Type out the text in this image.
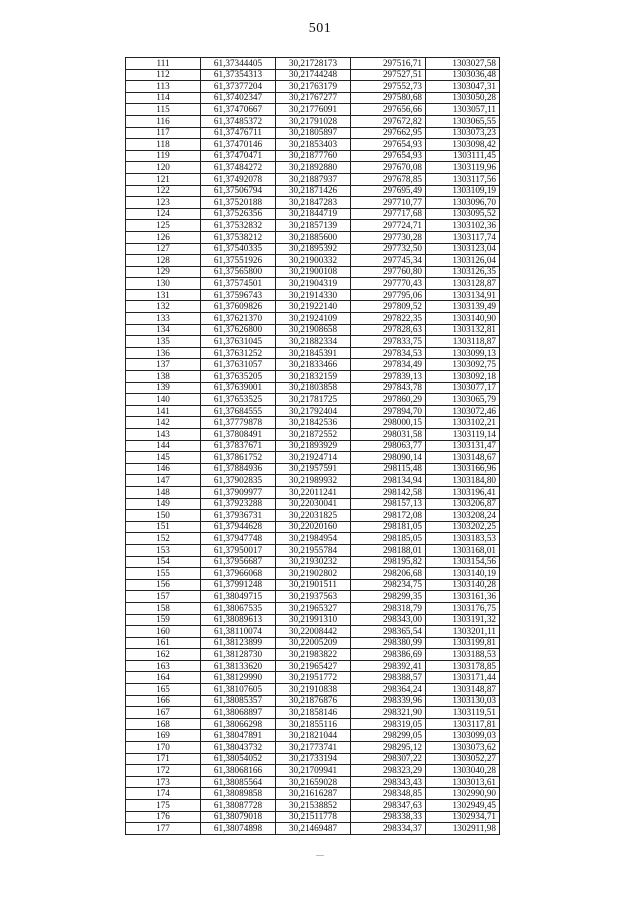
501
111	61,37344405	30,21728173	297516,71	1303027,58
112	61,37354313	30,21744248	297527,51	1303036,48
113	61,37377204	30,21763179	297552,73	1303047,31
114	61,37402347	30,21767277	297580,68	1303050,28
115	61,37470667	30,21776091	297656,66	1303057,11
116	61,37485372	30,21791028	297672,82	1303065,55
117	61,37476711	30,21805897	297662,95	1303073,23
118	61,37470146	30,21853403	297654,93	1303098,42
119	61,37470471	30,21877760	297654,93	1303111,45
120	61,37484272	30,21892880	297670,08	1303119,96
121	61,37492078	30,21887937	297678,85	1303117,56
122	61,37506794	30,21871426	297695,49	1303109,19
123	61,37520188	30,21847283	297710,77	1303096,70
124	61,37526356	30,21844719	297717,68	1303095,52
125	61,37532832	30,21857139	297724,71	1303102,36
126	61,37538212	30,21885600	297730,28	1303117,74
127	61,37540335	30,21895392	297732,50	1303123,04
128	61,37551926	30,21900332	297745,34	1303126,04
129	61,37565800	30,21900108	297760,80	1303126,35
130	61,37574501	30,21904319	297770,43	1303128,87
131	61,37596743	30,21914330	297795,06	1303134,91
132	61,37609826	30,21922140	297809,52	1303139,49
133	61,37621370	30,21924109	297822,35	1303140,90
134	61,37626800	30,21908658	297828,63	1303132,81
135	61,37631045	30,21882334	297833,75	1303118,87
136	61,37631252	30,21845391	297834,53	1303099,13
137	61,37631057	30,21833466	297834,49	1303092,75
138	61,37635205	30,21832159	297839,13	1303092,18
139	61,37639001	30,21803858	297843,78	1303077,17
140	61,37653525	30,21781725	297860,29	1303065,79
141	61,37684555	30,21792404	297894,70	1303072,46
142	61,37779878	30,21842536	298000,15	1303102,21
143	61,37808491	30,21872552	298031,58	1303119,14
144	61,37837671	30,21893929	298063,77	1303131,47
145	61,37861752	30,21924714	298090,14	1303148,67
146	61,37884936	30,21957591	298115,48	1303166,96
147	61,37902835	30,21989932	298134,94	1303184,80
148	61,37909977	30,22011241	298142,58	1303196,41
149	61,37923288	30,22030041	298157,13	1303206,87
150	61,37936731	30,22031825	298172,08	1303208,24
151	61,37944628	30,22020160	298181,05	1303202,25
152	61,37947748	30,21984954	298185,05	1303183,53
153	61,37950017	30,21955784	298188,01	1303168,01
154	61,37956687	30,21930232	298195,82	1303154,56
155	61,37966068	30,21902802	298206,68	1303140,19
156	61,37991248	30,21901511	298234,75	1303140,28
157	61,38049715	30,21937563	298299,35	1303161,36
158	61,38067535	30,21965327	298318,79	1303176,75
159	61,38089613	30,21991310	298343,00	1303191,32
160	61,38110074	30,22008442	298365,54	1303201,11
161	61,38123899	30,22005209	298380,99	1303199,81
162	61,38128730	30,21983822	298386,69	1303188,53
163	61,38133620	30,21965427	298392,41	1303178,85
164	61,38129990	30,21951772	298388,57	1303171,44
165	61,38107605	30,21910838	298364,24	1303148,87
166	61,38085357	30,21876876	298339,96	1303130,03
167	61,38068897	30,21858146	298321,90	1303119,51
168	61,38066298	30,21855116	298319,05	1303117,81
169	61,38047891	30,21821044	298299,05	1303099,03
170	61,38043732	30,21773741	298295,12	1303073,62
171	61,38054052	30,21733194	298307,22	1303052,27
172	61,38068166	30,21709941	298323,29	1303040,28
173	61,38085564	30,21659028	298343,43	1303013,61
174	61,38089858	30,21616287	298348,85	1302990,90
175	61,38087728	30,21538852	298347,63	1302949,45
176	61,38079018	30,21511778	298338,33	1302934,71
177	61,38074898	30,21469487	298334,37	1302911,98
